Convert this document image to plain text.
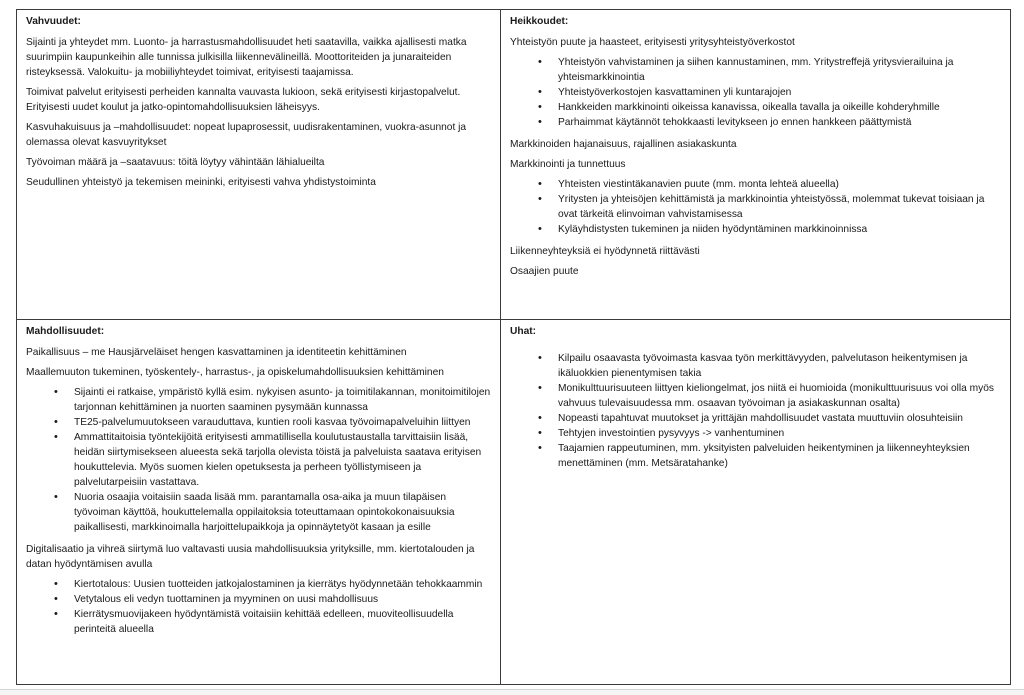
Vahvuudet:

Sijainti ja yhteydet mm. Luonto- ja harrastusmahdollisuudet heti saatavilla, vaikka ajallisesti matka suurimpiin kaupunkeihin alle tunnissa julkisilla liikennevälineillä. Moottoriteiden ja junaraiteiden risteyksessä. Valokuitu- ja mobiiliyhteydet toimivat, erityisesti taajamissa.

Toimivat palvelut erityisesti perheiden kannalta vauvasta lukioon, sekä erityisesti kirjastopalvelut. Erityisesti uudet koulut ja jatko-opintomahdollisuuksien läheisyys.

Kasvuhakuisuus ja –mahdollisuudet: nopeat lupaprosessit, uudisrakentaminen, vuokra-asunnot ja olemassa olevat kasvuyritykset

Työvoiman määrä ja –saatavuus: töitä löytyy vähintään lähialueilta

Seudullinen yhteistyö ja tekemisen meininki, erityisesti vahva yhdistystoiminta

Heikkoudet:

Yhteistyön puute ja haasteet, erityisesti yritysyhteistyöverkostot

• Yhteistyön vahvistaminen ja siihen kannustaminen, mm. Yritystreffejä yritysvierailuina ja yhteismarkkinointia
• Yhteistyöverkostojen kasvattaminen yli kuntarajojen
• Hankkeiden markkinointi oikeissa kanavissa, oikealla tavalla ja oikeille kohderyhmille
• Parhaimmat käytännöt tehokkaasti levitykseen jo ennen hankkeen päättymistä

Markkinoiden hajanaisuus, rajallinen asiakaskunta

Markkinointi ja tunnettuus

• Yhteisten viestintäkanavien puute (mm. monta lehteä alueella)
• Yritysten ja yhteisöjen kehittämistä ja markkinointia yhteistyössä, molemmat tukevat toisiaan ja ovat tärkeitä elinvoiman vahvistamisessa
• Kyläyhdistysten tukeminen ja niiden hyödyntäminen markkinoinnissa

Liikenneyhteyksiä ei hyödynnetä riittävästi

Osaajien puute

Mahdollisuudet:

Paikallisuus – me Hausjärveläiset hengen kasvattaminen ja identiteetin kehittäminen

Maallemuuton tukeminen, työskentely-, harrastus-, ja opiskelumahdollisuuksien kehittäminen

• Sijainti ei ratkaise, ympäristö kyllä esim. nykyisen asunto- ja toimitilakannan, monitoimitilojen tarjonnan kehittäminen ja nuorten saaminen pysymään kunnassa
• TE25-palvelumuutokseen varauduttava, kuntien rooli kasvaa työvoimapalveluihin liittyen
• Ammattitaitoisia työntekijöitä erityisesti ammatillisella koulutustaustalla tarvittaisiin lisää, heidän siirtymisekseen alueesta sekä tarjolla olevista töistä ja palveluista saatava erityisen houkuttelevia. Myös suomen kielen opetuksesta ja perheen työllistymiseen ja palvelutarpeisiin vastattava.
• Nuoria osaajia voitaisiin saada lisää mm. parantamalla osa-aika ja muun tilapäisen työvoiman käyttöä, houkuttelemalla oppilaitoksia toteuttamaan opintokokonaisuuksia paikallisesti, markkinoimalla harjoittelupaikkoja ja opinnäytetyöt kasaan ja esille

Digitalisaatio ja vihreä siirtymä luo valtavasti uusia mahdollisuuksia yrityksille, mm. kiertotalouden ja datan hyödyntämisen avulla

• Kiertotalous: Uusien tuotteiden jatkojalostaminen ja kierrätys hyödynnetään tehokkaammin
• Vetytalous eli vedyn tuottaminen ja myyminen on uusi mahdollisuus
• Kierrätysmuovijakeen hyödyntämistä voitaisiin kehittää edelleen, muoviteollisuudella perinteitä alueella
Uhat:
• Kilpailu osaavasta työvoimasta kasvaa työn merkittävyyden, palvelutason heikentymisen ja ikäluokkien pienentymisen takia
• Monikulttuurisuuteen liittyen kieliongelmat, jos niitä ei huomioida (monikulttuurisuus voi olla myös vahvuus tulevaisuudessa mm. osaavan työvoiman ja asiakaskunnan osalta)
• Nopeasti tapahtuvat muutokset ja yrittäjän mahdollisuudet vastata muuttuviin olosuhteisiin
• Tehtyjen investointien pysyvyys -> vanhentuminen
• Taajamien rappeutuminen, mm. yksityisten palveluiden heikentyminen ja liikenneyhteyksien menettäminen (mm. Metsäratahanke)
